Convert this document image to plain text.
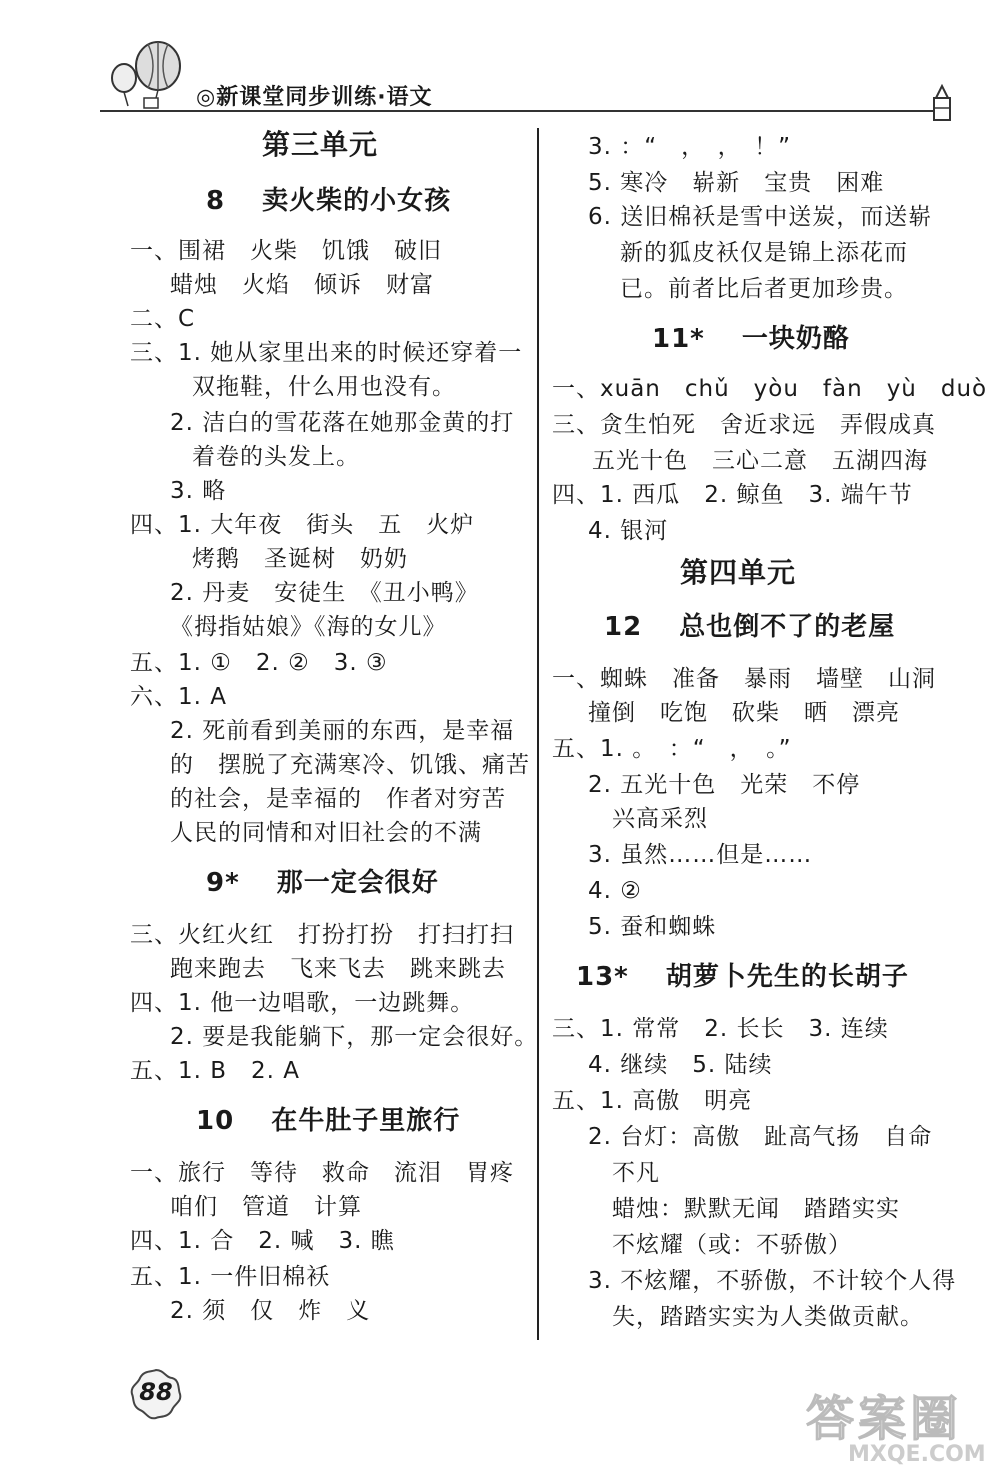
◎新课堂同步训练·语文
第三单元
8　 卖火柴的小女孩
一、围裙　火柴　饥饿　破旧
蜡烛　火焰　倾诉　财富
二、C
三、1. 她从家里出来的时候还穿着一
双拖鞋，什么用也没有。
2. 洁白的雪花落在她那金黄的打
着卷的头发上。
3. 略
四、1. 大年夜　街头　五　火炉
烤鹅　圣诞树　奶奶
2. 丹麦　安徒生　《丑小鸭》
《拇指姑娘》《海的女儿》
五、1. ①　2. ②　3. ③
六、1. A
2. 死前看到美丽的东西，是幸福
的　摆脱了充满寒冷、饥饿、痛苦
的社会，是幸福的　作者对穷苦
人民的同情和对旧社会的不满
9*　 那一定会很好
三、火红火红　打扮打扮　打扫打扫
跑来跑去　飞来飞去　跳来跳去
四、1. 他一边唱歌，一边跳舞。
2. 要是我能躺下，那一定会很好。
五、1. B　2. A
10　 在牛肚子里旅行
一、旅行　等待　救命　流泪　胃疼
咱们　管道　计算
四、1. 合　2. 喊　3. 瞧
五、1. 一件旧棉袄
2. 须　仅　炸　义
3. ：“　，　，　！”
5. 寒冷　崭新　宝贵　困难
6. 送旧棉袄是雪中送炭，而送崭
新的狐皮袄仅是锦上添花而
已。前者比后者更加珍贵。
11*　 一块奶酪
一、xuān　chǔ　yòu　fàn　yù　duò
三、贪生怕死　舍近求远　弄假成真
五光十色　三心二意　五湖四海
四、1. 西瓜　2. 鲸鱼　3. 端午节
4. 银河
第四单元
12　 总也倒不了的老屋
一、蜘蛛　准备　暴雨　墙壁　山洞
撞倒　吃饱　砍柴　晒　漂亮
五、1. 。　：“　，　。”
2. 五光十色　光荣　不停
兴高采烈
3. 虽然……但是……
4. ②
5. 蚕和蜘蛛
13*　 胡萝卜先生的长胡子
三、1. 常常　2. 长长　3. 连续
4. 继续　5. 陆续
五、1. 高傲　明亮
2. 台灯：高傲　趾高气扬　自命
不凡
蜡烛：默默无闻　踏踏实实
不炫耀（或：不骄傲）
3. 不炫耀，不骄傲，不计较个人得
失，踏踏实实为人类做贡献。
88	答案圈
MXQE.COM
